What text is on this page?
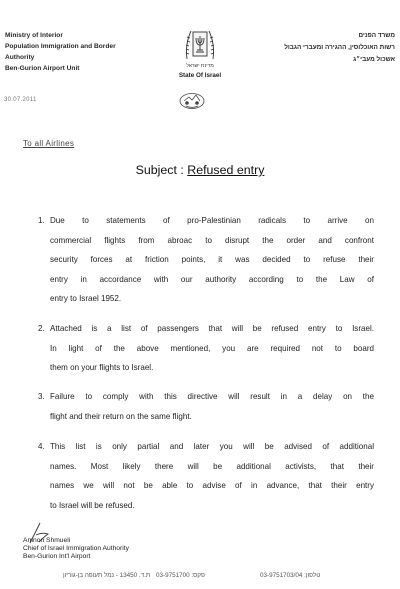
Ministry of Interior
Population Immigration and Border
Authority
Ben-Gurion Airport Unit
30.07.2011
משרד הפנים
רשות האוכלוסין, ההגירה ומעברי הגבול
אשכול מעבי״ג
מדינת ישראל
State Of Israel
To all Airlines
Subject : Refused entry
1. Due to statements of pro-Palestinian radicals to arrive on
commercial flights from abroac to disrupt the order and confront
security forces at friction points, it was decided to refuse their
entry in accordance with our authority according to the Law of
entry to Israel 1952.
2. Attached is a list of passengers that will be refused entry to Israel.
In light of the above mentioned, you are required not to board
them on your flights to Israel.
3. Failure to comply with this directive will result in a delay on the
flight and their return on the same flight.
4. This list is only partial and later you will be advised of additional
names. Most likely there will be additional activists, that their
names we will not be able to advise of in advance, that their entry
to Israel will be refused.
Amnon Shmueli
Chief of Israel Immigration Authority
Ben-Gurion Int'l Airport
ת.ד. 13450 - נמל תעופה בן-גוריון פקס: 03-9751700	טלפון: 03-9751703/04
